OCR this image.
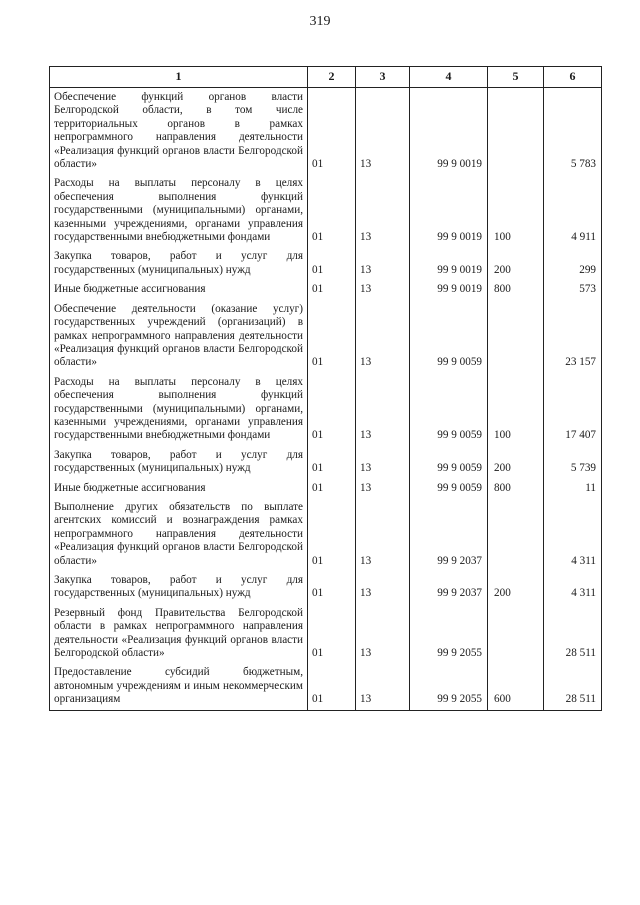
319
1	2	3	4	5	6
Обеспечение функций органов власти Белгородской области, в том числе территориальных органов в рамках непрограммного направления деятельности «Реализация функций органов власти Белгородской области»	01	13	99 9 0019		5 783
Расходы на выплаты персоналу в целях обеспечения выполнения функций государственными (муниципальными) органами, казенными учреждениями, органами управления государственными внебюджетными фондами	01	13	99 9 0019	100	4 911
Закупка товаров, работ и услуг для государственных (муниципальных) нужд	01	13	99 9 0019	200	299
Иные бюджетные ассигнования	01	13	99 9 0019	800	573
Обеспечение деятельности (оказание услуг) государственных учреждений (организаций) в рамках непрограммного направления деятельности «Реализация функций органов власти Белгородской области»	01	13	99 9 0059		23 157
Расходы на выплаты персоналу в целях обеспечения выполнения функций государственными (муниципальными) органами, казенными учреждениями, органами управления государственными внебюджетными фондами	01	13	99 9 0059	100	17 407
Закупка товаров, работ и услуг для государственных (муниципальных) нужд	01	13	99 9 0059	200	5 739
Иные бюджетные ассигнования	01	13	99 9 0059	800	11
Выполнение других обязательств по выплате агентских комиссий и вознаграждения рамках непрограммного направления деятельности «Реализация функций органов власти Белгородской области»	01	13	99 9 2037		4 311
Закупка товаров, работ и услуг для государственных (муниципальных) нужд	01	13	99 9 2037	200	4 311
Резервный фонд Правительства Белгородской области в рамках непрограммного направления деятельности «Реализация функций органов власти Белгородской области»	01	13	99 9 2055		28 511
Предоставление субсидий бюджетным, автономным учреждениям и иным некоммерческим организациям	01	13	99 9 2055	600	28 511
